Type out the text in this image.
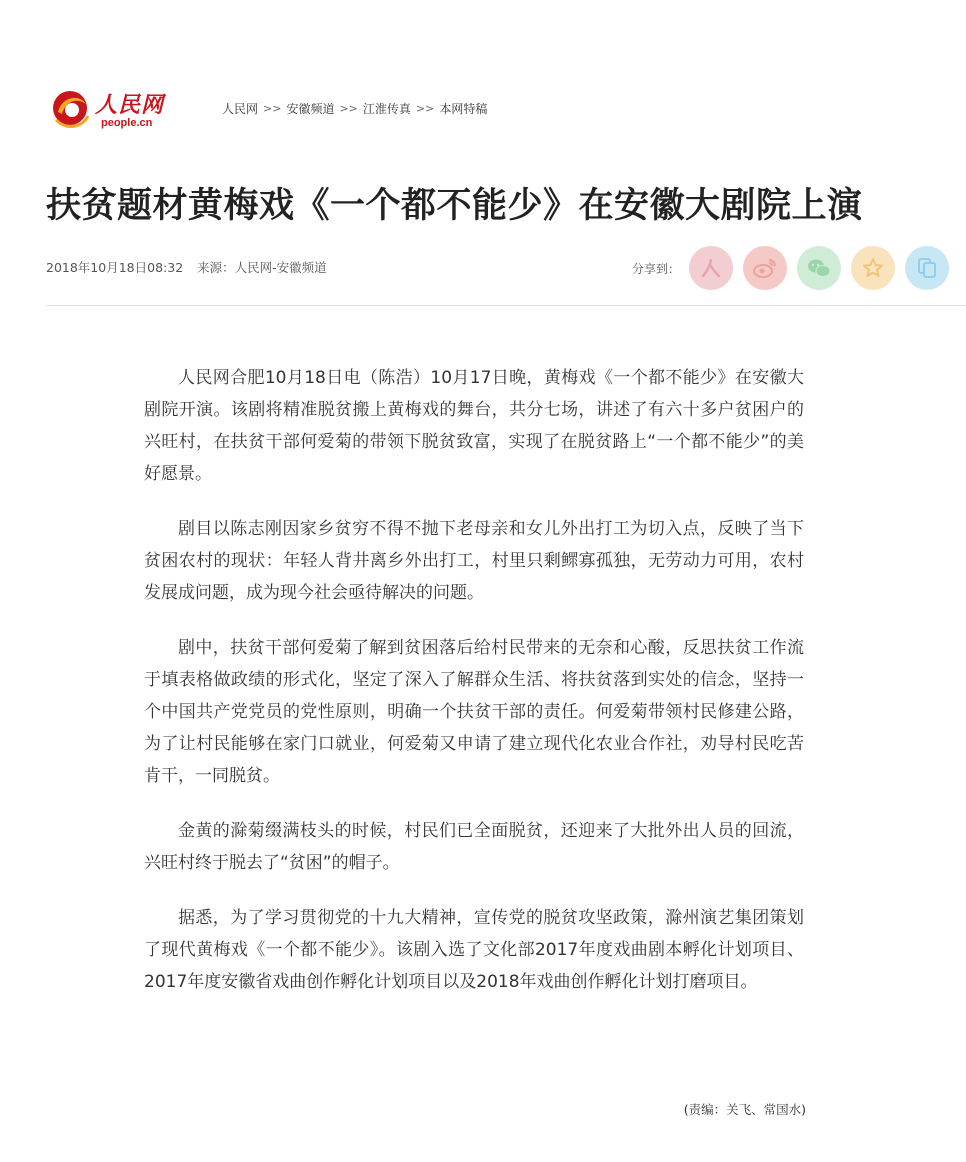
人民网
people.cn
人民网 >> 安徽频道 >> 江淮传真 >> 本网特稿
扶贫题材黄梅戏《一个都不能少》在安徽大剧院上演
2018年10月18日08:32 来源：人民网-安徽频道	分享到：

人民网合肥10月18日电（陈浩）10月17日晚，黄梅戏《一个都不能少》在安徽大剧院开演。该剧将精准脱贫搬上黄梅戏的舞台，共分七场，讲述了有六十多户贫困户的兴旺村，在扶贫干部何爱菊的带领下脱贫致富，实现了在脱贫路上“一个都不能少”的美好愿景。

剧目以陈志刚因家乡贫穷不得不抛下老母亲和女儿外出打工为切入点，反映了当下贫困农村的现状：年轻人背井离乡外出打工，村里只剩鳏寡孤独，无劳动力可用，农村发展成问题，成为现今社会亟待解决的问题。

剧中，扶贫干部何爱菊了解到贫困落后给村民带来的无奈和心酸，反思扶贫工作流于填表格做政绩的形式化，坚定了深入了解群众生活、将扶贫落到实处的信念，坚持一个中国共产党党员的党性原则，明确一个扶贫干部的责任。何爱菊带领村民修建公路，为了让村民能够在家门口就业，何爱菊又申请了建立现代化农业合作社，劝导村民吃苦肯干，一同脱贫。

金黄的滁菊缀满枝头的时候，村民们已全面脱贫，还迎来了大批外出人员的回流，兴旺村终于脱去了“贫困”的帽子。

据悉，为了学习贯彻党的十九大精神，宣传党的脱贫攻坚政策，滁州演艺集团策划了现代黄梅戏《一个都不能少》。该剧入选了文化部2017年度戏曲剧本孵化计划项目、2017年度安徽省戏曲创作孵化计划项目以及2018年戏曲创作孵化计划打磨项目。

(责编：关飞、常国水)
